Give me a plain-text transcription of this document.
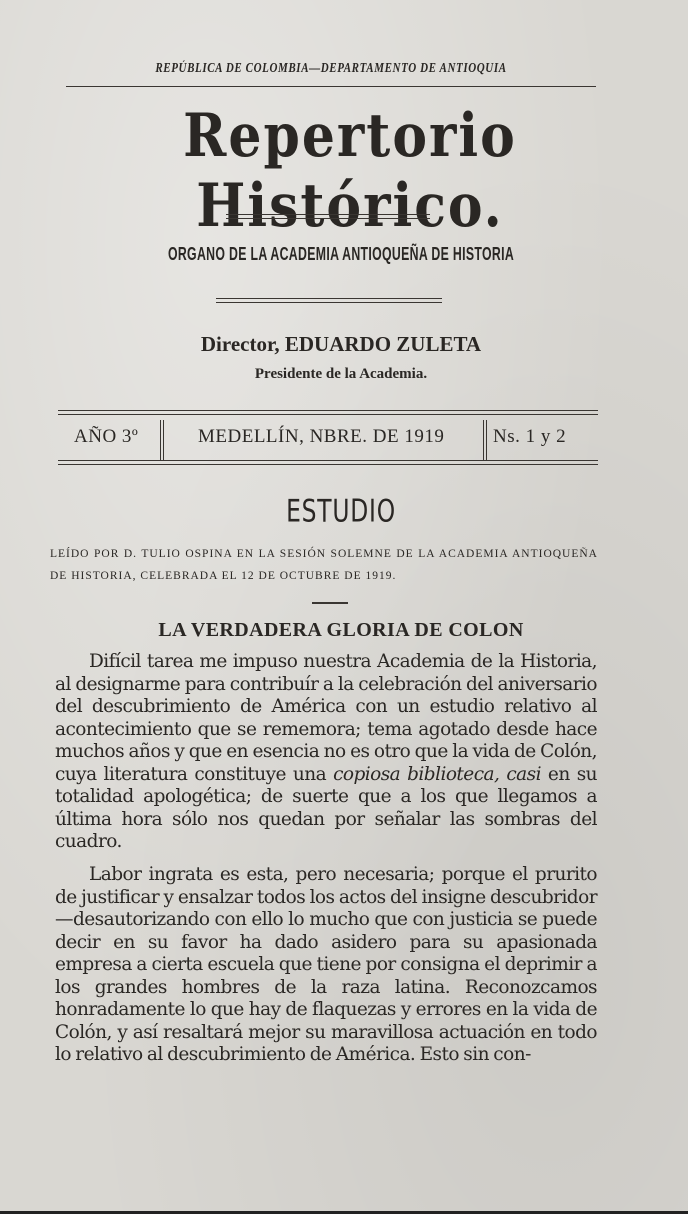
REPÚBLICA DE COLOMBIA—DEPARTAMENTO DE ANTIOQUIA
Repertorio Histórico.
ORGANO DE LA ACADEMIA ANTIOQUEÑA DE HISTORIA
Director, EDUARDO ZULETA
Presidente de la Academia.
AÑO 3º	MEDELLÍN, NBRE. DE 1919	Ns. 1 y 2
ESTUDIO
LEÍDO POR D. TULIO OSPINA EN LA SESIÓN SOLEMNE DE LA ACADEMIA ANTIOQUEÑA DE HISTORIA, CELEBRADA EL 12 DE OCTUBRE DE 1919.
LA VERDADERA GLORIA DE COLON
Difícil tarea me impuso nuestra Academia de la Historia, al designarme para contribuír a la celebración del aniversario del descubrimiento de América con un estudio relativo al acontecimiento que se rememora; tema agotado desde hace muchos años y que en esencia no es otro que la vida de Colón, cuya literatura constituye una copiosa biblioteca, casi en su totalidad apologética; de suerte que a los que llegamos a última hora sólo nos quedan por señalar las sombras del cuadro.
Labor ingrata es esta, pero necesaria; porque el prurito de justificar y ensalzar todos los actos del insigne descubridor—desautorizando con ello lo mucho que con justicia se puede decir en su favor ha dado asidero para su apasionada empresa a cierta escuela que tiene por consigna el deprimir a los grandes hombres de la raza latina. Reconozcamos honradamente lo que hay de flaquezas y errores en la vida de Colón, y así resaltará mejor su maravillosa actuación en todo lo relativo al descubrimiento de América. Esto sin con-
